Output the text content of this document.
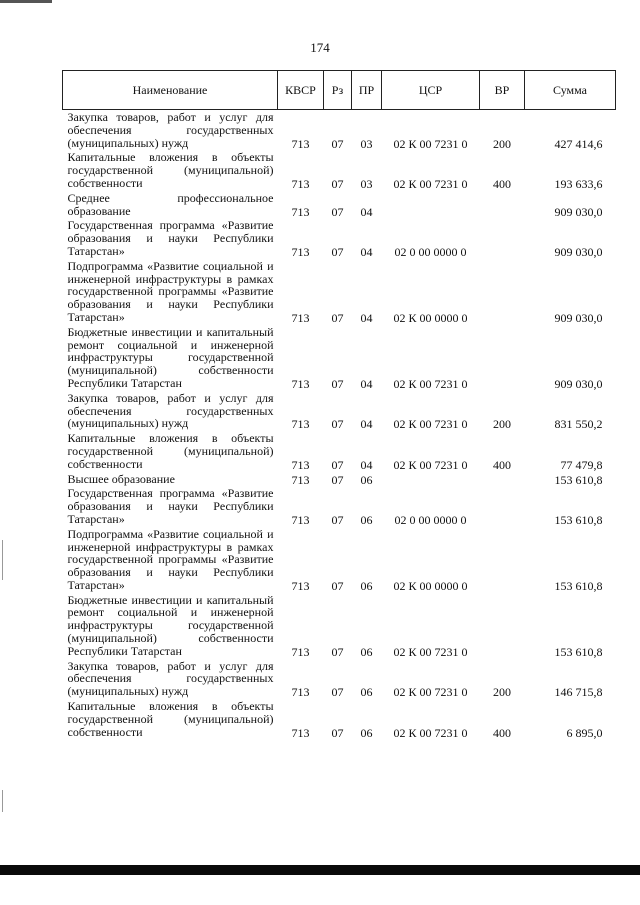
174
Наименование	КВСР	Рз	ПР	ЦСР	ВР	Сумма
Закупка товаров, работ и услуг для обеспечения государственных (муниципальных) нужд	713	07	03	02 К 00 7231 0	200	427 414,6
Капитальные вложения в объекты государственной (муниципальной) собственности	713	07	03	02 К 00 7231 0	400	193 633,6
Среднее профессиональное образование	713	07	04			909 030,0
Государственная программа «Развитие образования и науки Республики Татарстан»	713	07	04	02 0 00 0000 0		909 030,0
Подпрограмма «Развитие социальной и инженерной инфраструктуры в рамках государственной программы «Развитие образования и науки Республики Татарстан»	713	07	04	02 К 00 0000 0		909 030,0
Бюджетные инвестиции и капитальный ремонт социальной и инженерной инфраструктуры государственной (муниципальной) собственности Республики Татарстан	713	07	04	02 К 00 7231 0		909 030,0
Закупка товаров, работ и услуг для обеспечения государственных (муниципальных) нужд	713	07	04	02 К 00 7231 0	200	831 550,2
Капитальные вложения в объекты государственной (муниципальной) собственности	713	07	04	02 К 00 7231 0	400	77 479,8
Высшее образование	713	07	06			153 610,8
Государственная программа «Развитие образования и науки Республики Татарстан»	713	07	06	02 0 00 0000 0		153 610,8
Подпрограмма «Развитие социальной и инженерной инфраструктуры в рамках государственной программы «Развитие образования и науки Республики Татарстан»	713	07	06	02 К 00 0000 0		153 610,8
Бюджетные инвестиции и капитальный ремонт социальной и инженерной инфраструктуры государственной (муниципальной) собственности Республики Татарстан	713	07	06	02 К 00 7231 0		153 610,8
Закупка товаров, работ и услуг для обеспечения государственных (муниципальных) нужд	713	07	06	02 К 00 7231 0	200	146 715,8
Капитальные вложения в объекты государственной (муниципальной) собственности	713	07	06	02 К 00 7231 0	400	6 895,0
